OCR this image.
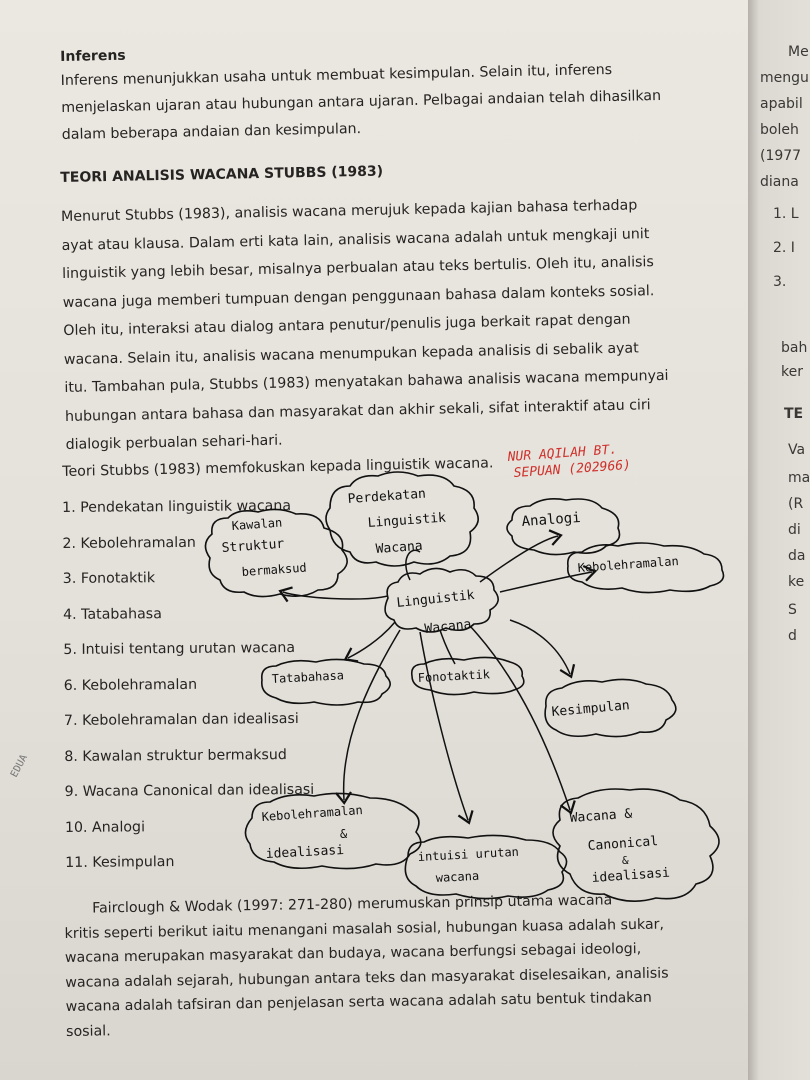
Me
mengu
apabil
boleh
(1977
diana
1. L
2. I
3.
bah
ker
TE
Va
ma
(R
di
da
ke
S
d

Inferens

Inferens menunjukkan usaha untuk membuat kesimpulan. Selain itu, inferens

menjelaskan ujaran atau hubungan antara ujaran. Pelbagai andaian telah dihasilkan

dalam beberapa andaian dan kesimpulan.

TEORI ANALISIS WACANA STUBBS (1983)

Menurut Stubbs (1983), analisis wacana merujuk kepada kajian bahasa terhadap

ayat atau klausa. Dalam erti kata lain, analisis wacana adalah untuk mengkaji unit

linguistik yang lebih besar, misalnya perbualan atau teks bertulis. Oleh itu, analisis

wacana juga memberi tumpuan dengan penggunaan bahasa dalam konteks sosial.

Oleh itu, interaksi atau dialog antara penutur/penulis juga berkait rapat dengan

wacana. Selain itu, analisis wacana menumpukan kepada analisis di sebalik ayat

itu. Tambahan pula, Stubbs (1983) menyatakan bahawa analisis wacana mempunyai

hubungan antara bahasa dan masyarakat dan akhir sekali, sifat interaktif atau ciri

dialogik perbualan sehari-hari.

Teori Stubbs (1983) memfokuskan kepada linguistik wacana.

1. Pendekatan linguistik wacana
2. Kebolehramalan
3. Fonotaktik
4. Tatabahasa
5. Intuisi tentang urutan wacana
6. Kebolehramalan
7. Kebolehramalan dan idealisasi
8. Kawalan struktur bermaksud
9. Wacana Canonical dan idealisasi
10. Analogi
11. Kesimpulan

Fairclough & Wodak (1997: 271-280) merumuskan prinsip utama wacana

kritis seperti berikut iaitu menangani masalah sosial, hubungan kuasa adalah sukar,

wacana merupakan masyarakat dan budaya, wacana berfungsi sebagai ideologi,

wacana adalah sejarah, hubungan antara teks dan masyarakat diselesaikan, analisis

wacana adalah tafsiran dan penjelasan serta wacana adalah satu bentuk tindakan

sosial.

NUR AQILAH BT.
SEPUAN (202966)
EDUA
Linguistik
Wacana
Perdekatan
Linguistik
Wacana
Kawalan
Struktur
bermaksud
Analogi
Kebolehramalan
Tatabahasa	Fonotaktik
Kesimpulan
Kebolehramalan
&
idealisasi	intuisi urutan
wacana
Wacana &
Canonical
&
idealisasi
